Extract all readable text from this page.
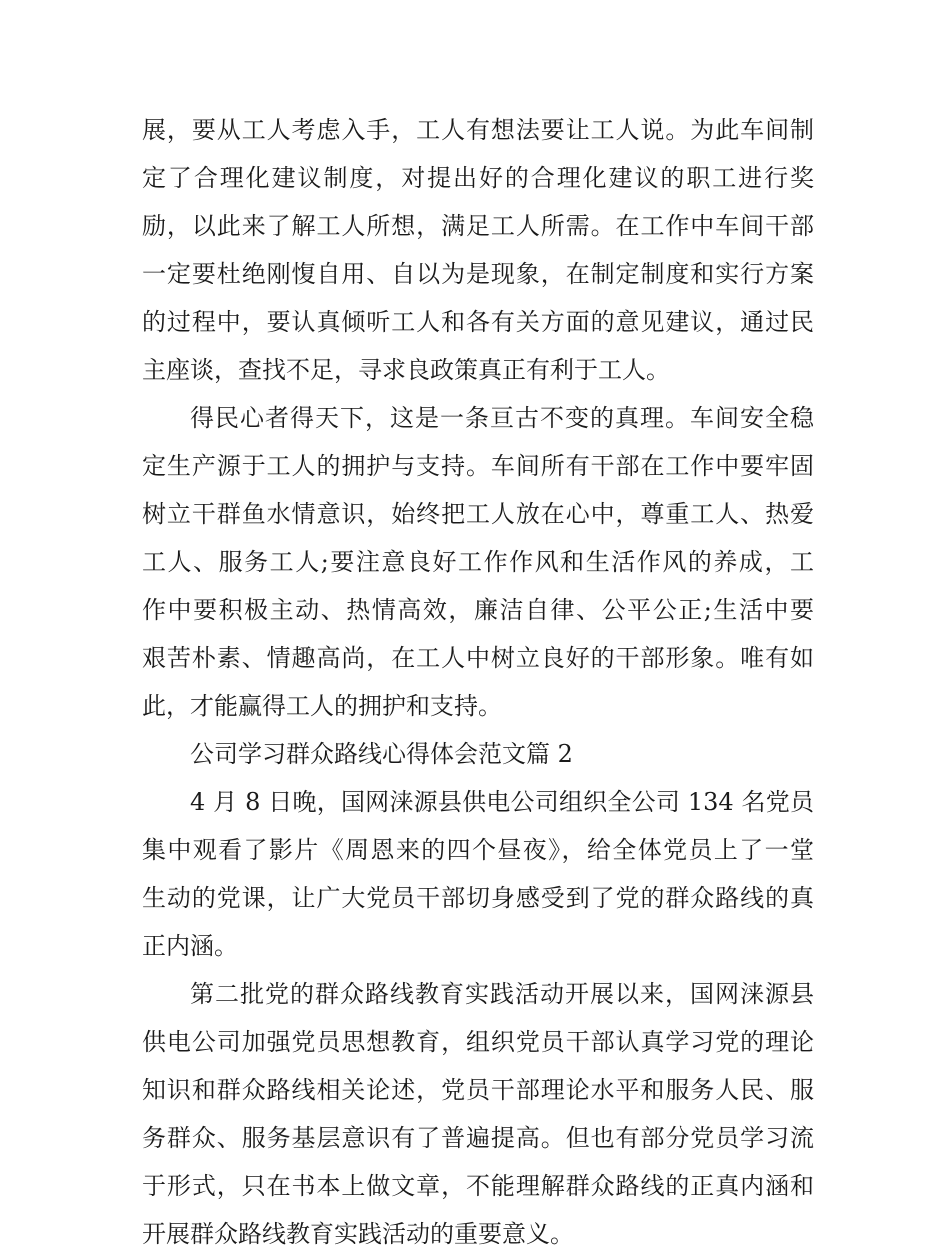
展，要从工人考虑入手，工人有想法要让工人说。为此车间制
定了合理化建议制度，对提出好的合理化建议的职工进行奖
励，以此来了解工人所想，满足工人所需。在工作中车间干部
一定要杜绝刚愎自用、自以为是现象，在制定制度和实行方案
的过程中，要认真倾听工人和各有关方面的意见建议，通过民
主座谈，查找不足，寻求良政策真正有利于工人。
得民心者得天下，这是一条亘古不变的真理。车间安全稳
定生产源于工人的拥护与支持。车间所有干部在工作中要牢固
树立干群鱼水情意识，始终把工人放在心中，尊重工人、热爱
工人、服务工人;要注意良好工作作风和生活作风的养成，工
作中要积极主动、热情高效，廉洁自律、公平公正;生活中要
艰苦朴素、情趣高尚，在工人中树立良好的干部形象。唯有如
此，才能赢得工人的拥护和支持。
公司学习群众路线心得体会范文篇 2
4 月 8 日晚，国网涞源县供电公司组织全公司 134 名党员
集中观看了影片《周恩来的四个昼夜》，给全体党员上了一堂
生动的党课，让广大党员干部切身感受到了党的群众路线的真
正内涵。
第二批党的群众路线教育实践活动开展以来，国网涞源县
供电公司加强党员思想教育，组织党员干部认真学习党的理论
知识和群众路线相关论述，党员干部理论水平和服务人民、服
务群众、服务基层意识有了普遍提高。但也有部分党员学习流
于形式，只在书本上做文章，不能理解群众路线的正真内涵和
开展群众路线教育实践活动的重要意义。
